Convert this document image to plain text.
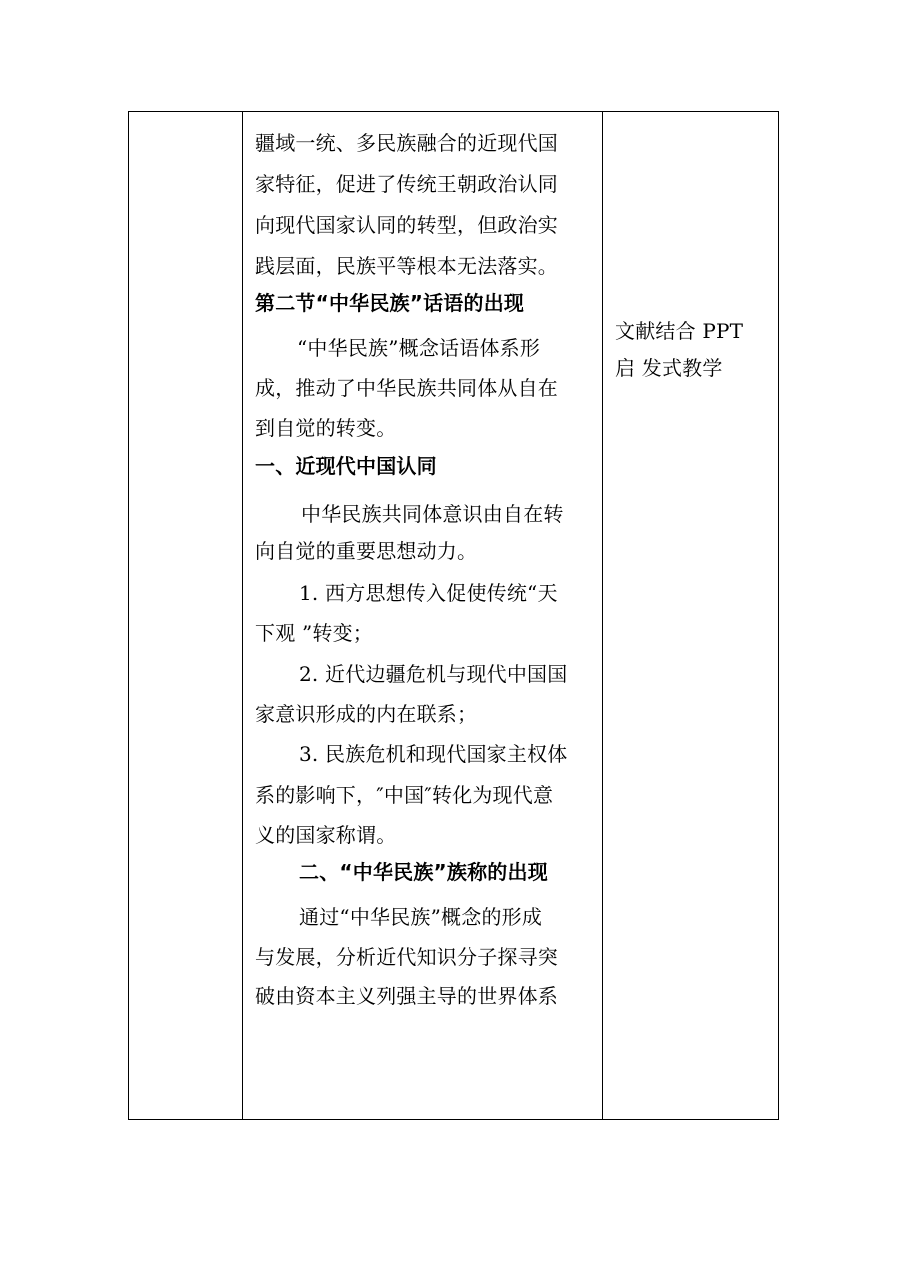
疆域一统、多民族融合的近现代国
家特征，促进了传统王朝政治认同
向现代国家认同的转型，但政治实
践层面，民族平等根本无法落实。
第二节“中华民族”话语的出现
“中华民族”概念话语体系形
成，推动了中华民族共同体从自在
到自觉的转变。
一、近现代中国认同
中华民族共同体意识由自在转
向自觉的重要思想动力。
1. 西方思想传入促使传统“天
下观 ”转变；
2. 近代边疆危机与现代中国国
家意识形成的内在联系；
3. 民族危机和现代国家主权体
系的影响下，″中国″转化为现代意
义的国家称谓。
二、“中华民族”族称的出现
通过“中华民族”概念的形成
与发展，分析近代知识分子探寻突
破由资本主义列强主导的世界体系
文献结合 PPT
启 发式教学
